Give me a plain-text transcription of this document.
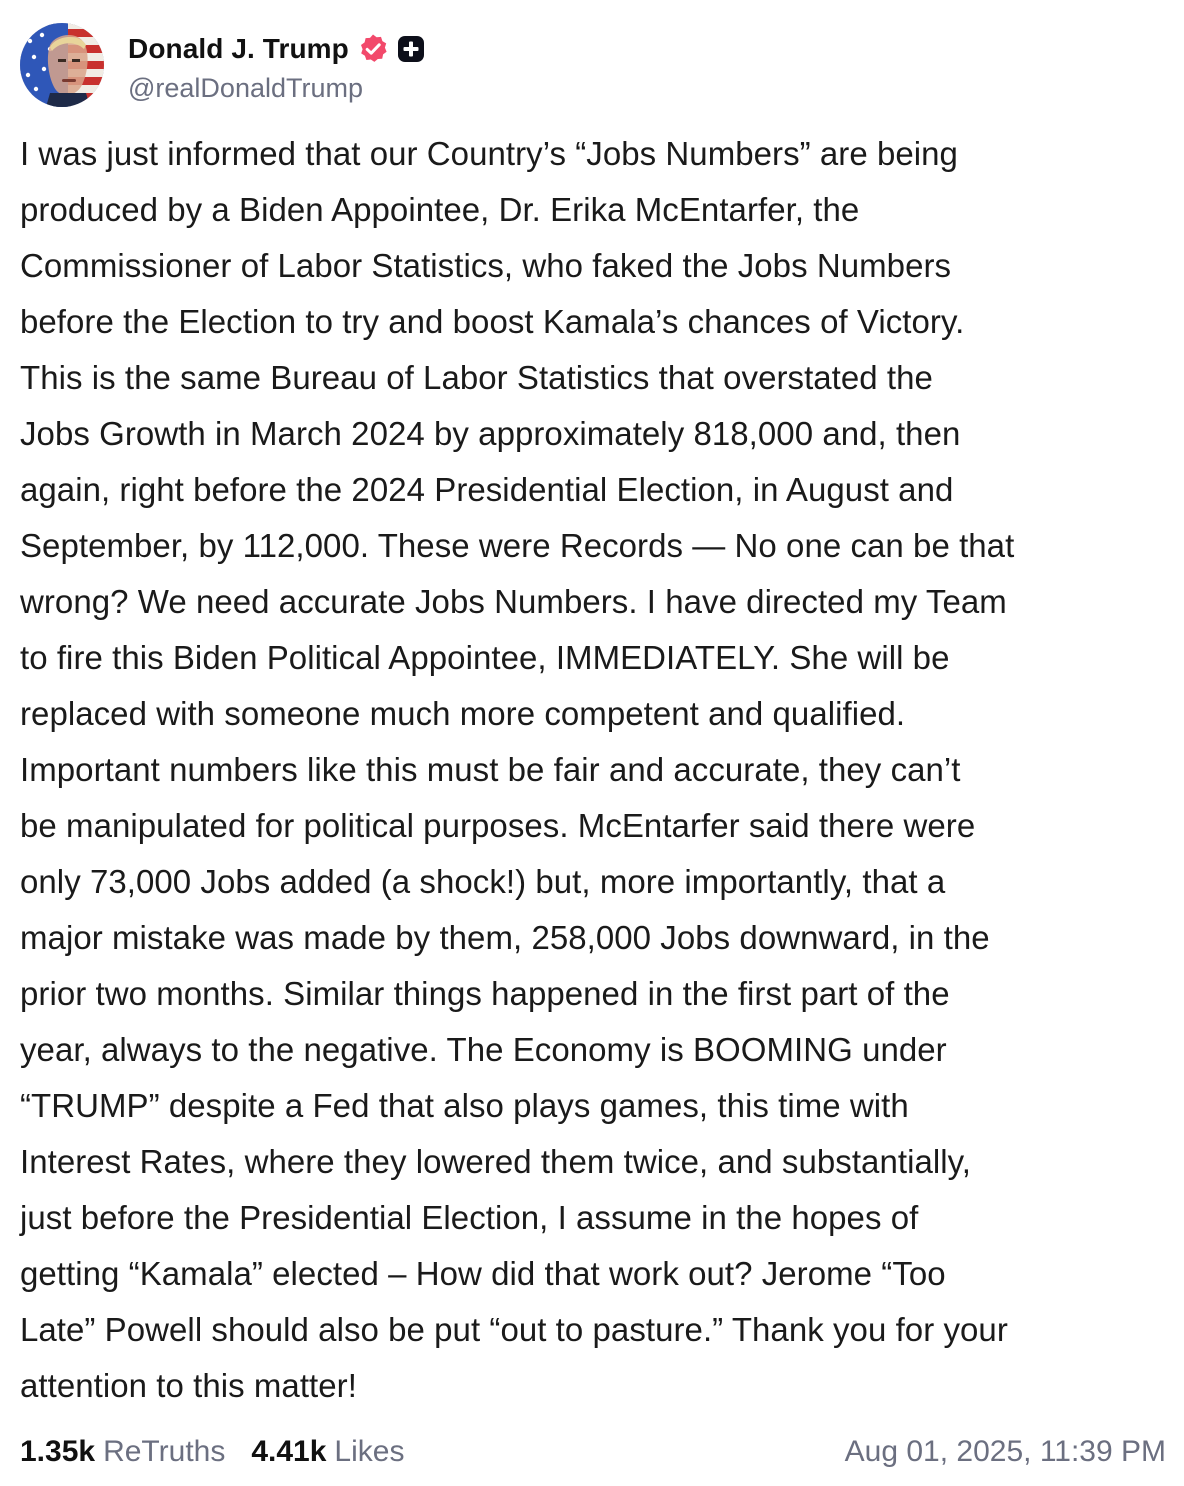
Donald J. Trump
@realDonaldTrump

I was just informed that our Country’s “Jobs Numbers” are being
produced by a Biden Appointee, Dr. Erika McEntarfer, the
Commissioner of Labor Statistics, who faked the Jobs Numbers
before the Election to try and boost Kamala’s chances of Victory.
This is the same Bureau of Labor Statistics that overstated the
Jobs Growth in March 2024 by approximately 818,000 and, then
again, right before the 2024 Presidential Election, in August and
September, by 112,000. These were Records — No one can be that
wrong? We need accurate Jobs Numbers. I have directed my Team
to fire this Biden Political Appointee, IMMEDIATELY. She will be
replaced with someone much more competent and qualified.
Important numbers like this must be fair and accurate, they can’t
be manipulated for political purposes. McEntarfer said there were
only 73,000 Jobs added (a shock!) but, more importantly, that a
major mistake was made by them, 258,000 Jobs downward, in the
prior two months. Similar things happened in the first part of the
year, always to the negative. The Economy is BOOMING under
“TRUMP” despite a Fed that also plays games, this time with
Interest Rates, where they lowered them twice, and substantially,
just before the Presidential Election, I assume in the hopes of
getting “Kamala” elected – How did that work out? Jerome “Too
Late” Powell should also be put “out to pasture.” Thank you for your
attention to this matter!

1.35k ReTruths 4.41k Likes	Aug 01, 2025, 11:39 PM
